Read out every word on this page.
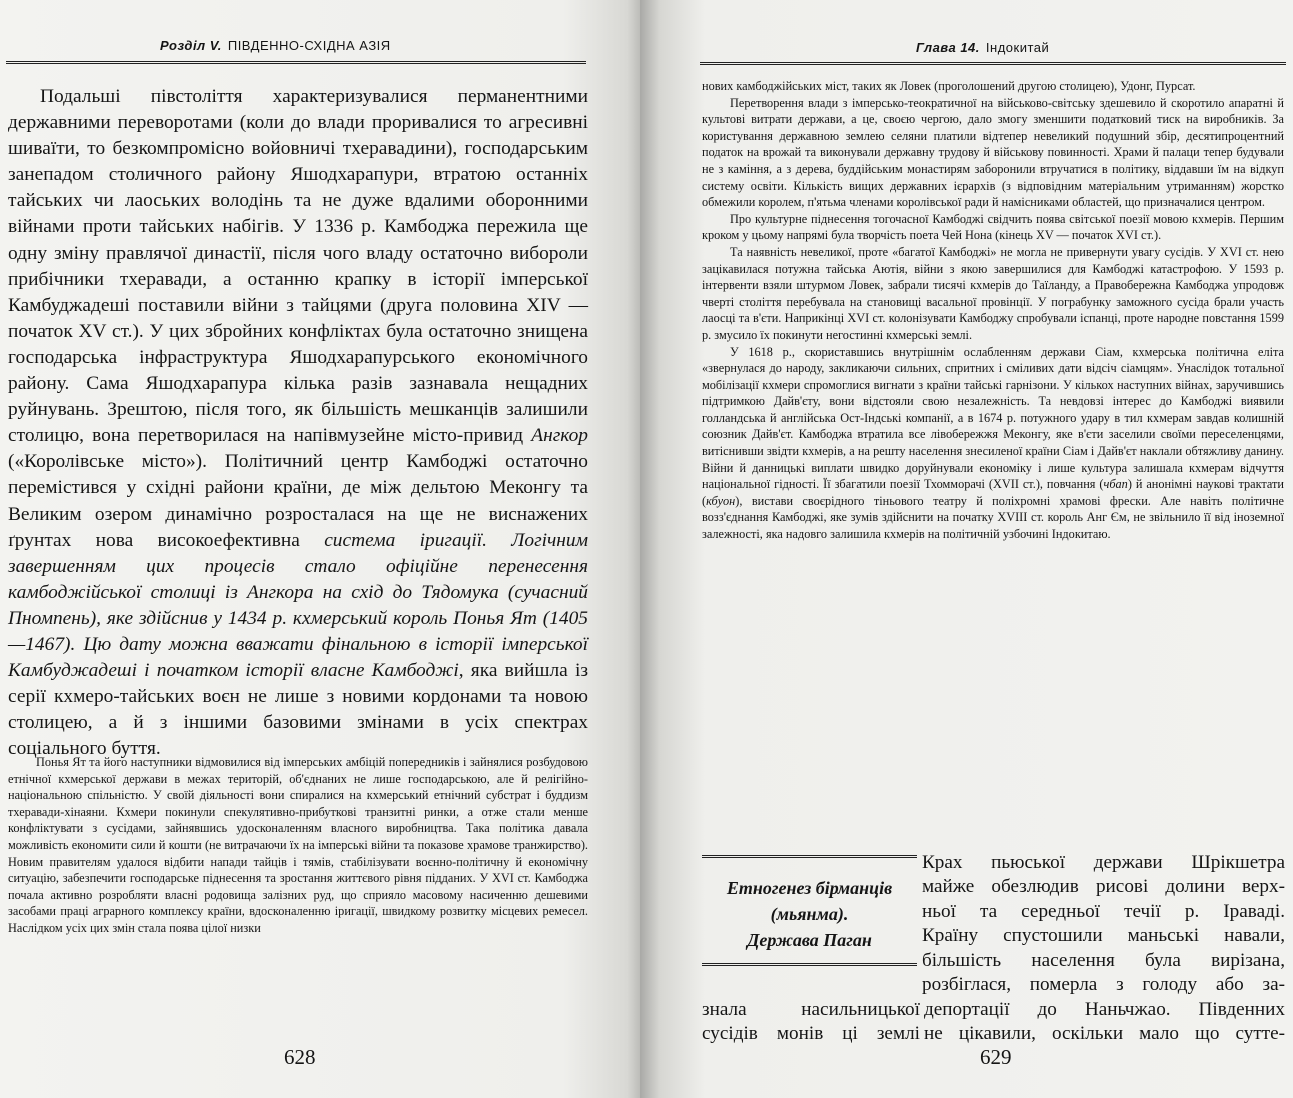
Розділ V. ПІВДЕННО-СХІДНА АЗІЯ

Подальші півстоліття характеризувалися перманентними державними переворотами (коли до влади проривалися то агресивні шиваїти, то безкомпромісно войовничі тхеравадини), господарським занепадом столичного району Яшодхарапури, втратою останніх тайських чи лаоських володінь та не дуже вдалими оборонними війнами проти тайських набігів. У 1336 р. Камбоджа пережила ще одну зміну правлячої династії, після чого владу остаточно вибороли прибічники тхеравади, а останню крапку в історії імперської Камбуджадеші поставили війни з тайцями (друга половина XIV — початок XV ст.). У цих збройних конфліктах була остаточно знищена господарська інфраструктура Яшодхарапурського економічного району. Сама Яшодхарапура кілька разів зазнавала нещадних руйнувань. Зрештою, після того, як більшість мешканців залишили столицю, вона перетворилася на напівмузейне місто-привид Ангкор («Королівське місто»). Політичний центр Камбоджі остаточно перемістився у східні райони країни, де між дельтою Меконгу та Великим озером динамічно розросталася на ще не виснажених ґрунтах нова високоефективна система іригації. Логічним завершенням цих процесів стало офіційне перенесення камбоджійської столиці із Ангкора на схід до Тядомука (сучасний Пномпень), яке здійснив у 1434 р. кхмерський король Понья Ят (1405—1467). Цю дату можна вважати фінальною в історії імперської Камбуджадеші і початком історії власне Камбоджі, яка вийшла із серії кхмеро-тайських воєн не лише з новими кордонами та новою столицею, а й з іншими базовими змінами в усіх спектрах соціального буття.

Понья Ят та його наступники відмовилися від імперських амбіцій попередників і зайнялися розбудовою етнічної кхмерської держави в межах територій, об'єднаних не лише господарською, але й релігійно-національною спільністю. У своїй діяльності вони спиралися на кхмерський етнічний субстрат і буддизм тхеравади-хінаяни. Кхмери покинули спекулятивно-прибуткові транзитні ринки, а отже стали менше конфліктувати з сусідами, зайнявшись удосконаленням власного виробництва. Така політика давала можливість економити сили й кошти (не витрачаючи їх на імперські війни та показове храмове транжирство). Новим правителям удалося відбити напади тайців і тямів, стабілізувати воєнно-політичну й економічну ситуацію, забезпечити господарське піднесення та зростання життєвого рівня підданих. У XVI ст. Камбоджа почала активно розробляти власні родовища залізних руд, що сприяло масовому насиченню дешевими засобами праці аграрного комплексу країни, вдосконаленню іригації, швидкому розвитку місцевих ремесел. Наслідком усіх цих змін стала поява цілої низки

628
Глава 14. Індокитай

нових камбоджійських міст, таких як Ловек (проголошений другою столицею), Удонг, Пурсат.

Перетворення влади з імперсько-теократичної на військово-світську здешевило й скоротило апаратні й культові витрати держави, а це, своєю чергою, дало змогу зменшити податковий тиск на виробників. За користування державною землею селяни платили відтепер невеликий подушний збір, десятипроцентний податок на врожай та виконували державну трудову й військову повинності. Храми й палаци тепер будували не з каміння, а з дерева, буддійським монастирям заборонили втручатися в політику, віддавши їм на відкуп систему освіти. Кількість вищих державних ієрархів (з відповідним матеріальним утриманням) жорстко обмежили королем, п'ятьма членами королівської ради й намісниками областей, що призначалися центром.

Про культурне піднесення тогочасної Камбоджі свідчить поява світської поезії мовою кхмерів. Першим кроком у цьому напрямі була творчість поета Чей Нона (кінець XV — початок XVI ст.).

Та наявність невеликої, проте «багатої Камбоджі» не могла не привернути увагу сусідів. У XVI ст. нею зацікавилася потужна тайська Аютія, війни з якою завершилися для Камбоджі катастрофою. У 1593 р. інтервенти взяли штурмом Ловек, забрали тисячі кхмерів до Таїланду, а Правобережна Камбоджа упродовж чверті століття перебувала на становищі васальної провінції. У пограбунку заможного сусіда брали участь лаосці та в'єти. Наприкінці XVI ст. колонізувати Камбоджу спробували іспанці, проте народне повстання 1599 р. змусило їх покинути негостинні кхмерські землі.

У 1618 р., скориставшись внутрішнім ослабленням держави Сіам, кхмерська політична еліта «звернулася до народу, закликаючи сильних, спритних і сміливих дати відсіч сіамцям». Унаслідок тотальної мобілізації кхмери спромоглися вигнати з країни тайські гарнізони. У кількох наступних війнах, заручившись підтримкою Дайв'єту, вони відстояли свою незалежність. Та невдовзі інтерес до Камбоджі виявили голландська й англійська Ост-Індські компанії, а в 1674 р. потужного удару в тил кхмерам завдав колишній союзник Дайв'єт. Камбоджа втратила все лівобережжя Меконгу, яке в'єти заселили своїми переселенцями, витіснивши звідти кхмерів, а на решту населення знесиленої країни Сіам і Дайв'єт наклали обтяжливу данину. Війни й данницькі виплати швидко доруйнували економіку і лише культура залишала кхмерам відчуття національної гідності. Її збагатили поезії Тхоммoрачі (XVII ст.), повчання (чбап) й анонімні наукові трактати (кбуон), вистави своєрідного тіньового театру й поліхромні храмові фрески. Але навіть політичне возз'єднання Камбоджі, яке зумів здійснити на початку XVIII ст. король Анг Єм, не звільнило її від іноземної залежності, яка надовго залишила кхмерів на політичній узбочині Індокитаю.

Етногенез бірманців
(мьянма).
Держава Паган

Крах пьюської держави Шрікшетра

майже обезлюдив рисові долини верх-

ньої та середньої течії р. Іраваді.

Країну спустошили маньські навали,

більшість населення була вирізана,

розбіглася, померла з голоду або за-

знала насильницької депортації до Наньчжао. Південних
сусідів монів ці землі не цікавили, оскільки мало що сутте-
629
